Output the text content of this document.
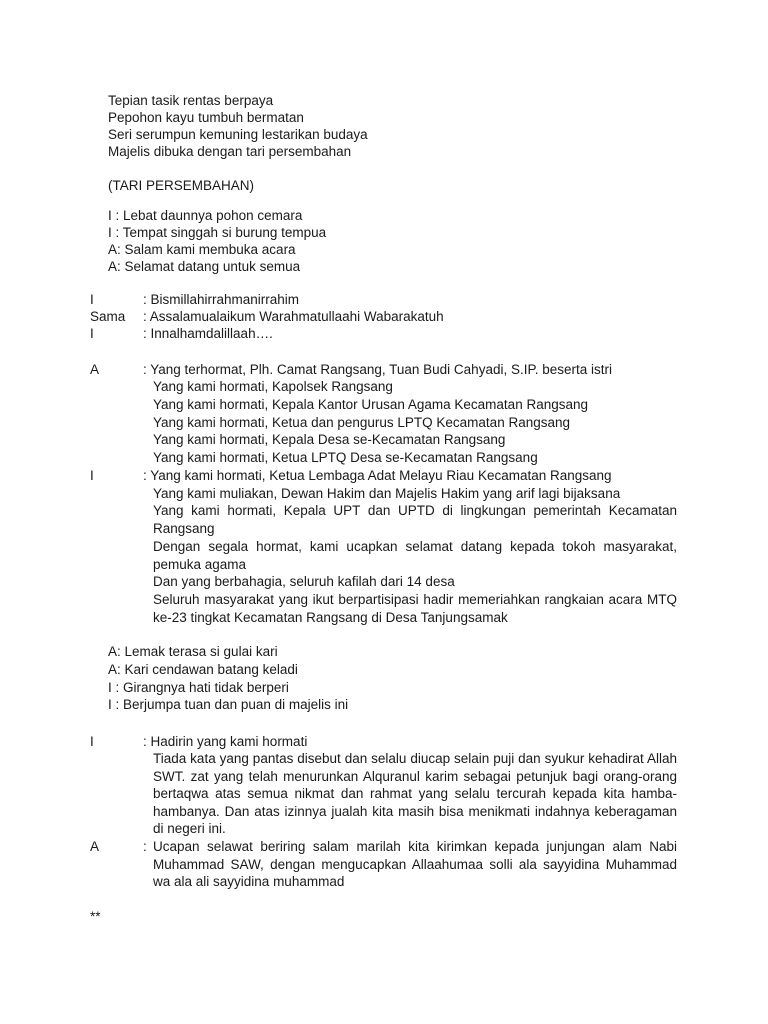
Tepian tasik rentas berpaya
Pepohon kayu tumbuh bermatan
Seri serumpun kemuning lestarikan budaya
Majelis dibuka dengan tari persembahan
(TARI PERSEMBAHAN)
I : Lebat daunnya pohon cemara
I : Tempat singgah si burung tempua
A: Salam kami membuka acara
A: Selamat datang untuk semua
I	: Bismillahirrahmanirrahim
Sama : Assalamualaikum Warahmatullaahi Wabarakatuh
I	: Innalhamdalillaah….
A	: Yang terhormat, Plh. Camat Rangsang, Tuan Budi Cahyadi, S.IP. beserta istri
Yang kami hormati, Kapolsek Rangsang
Yang kami hormati, Kepala Kantor Urusan Agama Kecamatan Rangsang
Yang kami hormati, Ketua dan pengurus LPTQ Kecamatan Rangsang
Yang kami hormati, Kepala Desa se-Kecamatan Rangsang
Yang kami hormati, Ketua LPTQ Desa se-Kecamatan Rangsang
I	: Yang kami hormati, Ketua Lembaga Adat Melayu Riau Kecamatan Rangsang
Yang kami muliakan, Dewan Hakim dan Majelis Hakim yang arif lagi bijaksana
Yang kami hormati, Kepala UPT dan UPTD di lingkungan pemerintah Kecamatan Rangsang
Dengan segala hormat, kami ucapkan selamat datang kepada tokoh masyarakat, pemuka agama
Dan yang berbahagia, seluruh kafilah dari 14 desa
Seluruh masyarakat yang ikut berpartisipasi hadir memeriahkan rangkaian acara MTQ ke-23 tingkat Kecamatan Rangsang di Desa Tanjungsamak
A: Lemak terasa si gulai kari
A: Kari cendawan batang keladi
I : Girangnya hati tidak berperi
I : Berjumpa tuan dan puan di majelis ini
I	: Hadirin yang kami hormati
Tiada kata yang pantas disebut dan selalu diucap selain puji dan syukur kehadirat Allah SWT. zat yang telah menurunkan Alquranul karim sebagai petunjuk bagi orang-orang bertaqwa atas semua nikmat dan rahmat yang selalu tercurah kepada kita hamba-hambanya. Dan atas izinnya jualah kita masih bisa menikmati indahnya keberagaman di negeri ini.
A	: Ucapan selawat beriring salam marilah kita kirimkan kepada junjungan alam Nabi Muhammad SAW, dengan mengucapkan Allaahumaa solli ala sayyidina Muhammad wa ala ali sayyidina muhammad
**
